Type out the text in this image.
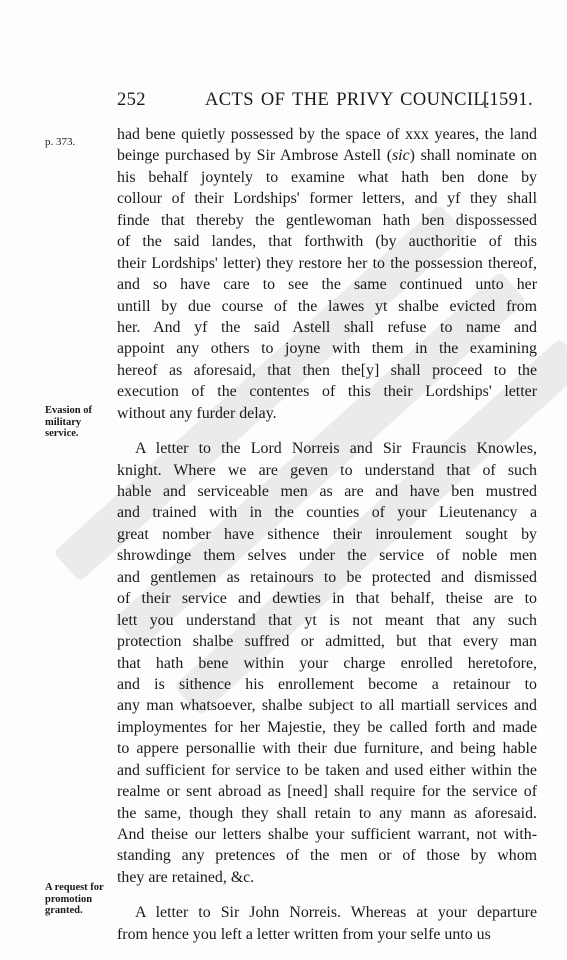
252	ACTS OF THE PRIVY COUNCIL.
[1591.
p. 373.
Evasion of
military
service.
A request for
promotion
granted.
had bene quietly possessed by the space of xxx yeares, the land
beinge purchased by Sir Ambrose Astell (sic) shall nominate on
his behalf joyntely to examine what hath ben done by
collour of their Lordships' former letters, and yf they shall
finde that thereby the gentlewoman hath ben dispossessed
of the said landes, that forthwith (by aucthoritie of this
their Lordships' letter) they restore her to the possession thereof,
and so have care to see the same continued unto her
untill by due course of the lawes yt shalbe evicted from
her. And yf the said Astell shall refuse to name and
appoint any others to joyne with them in the examining
hereof as aforesaid, that then the[y] shall proceed to the
execution of the contentes of this their Lordships' letter
without any furder delay.
A letter to the Lord Norreis and Sir Frauncis Knowles,
knight. Where we are geven to understand that of such
hable and serviceable men as are and have ben mustred
and trained with in the counties of your Lieutenancy a
great nomber have sithence their inroulement sought by
shrowdinge them selves under the service of noble men
and gentlemen as retainours to be protected and dismissed
of their service and dewties in that behalf, theise are to
lett you understand that yt is not meant that any such
protection shalbe suffred or admitted, but that every man
that hath bene within your charge enrolled heretofore,
and is sithence his enrollement become a retainour to
any man whatsoever, shalbe subject to all martiall services and
imploymentes for her Majestie, they be called forth and made
to appere personallie with their due furniture, and being hable
and sufficient for service to be taken and used either within the
realme or sent abroad as [need] shall require for the service of
the same, though they shall retain to any mann as aforesaid.
And theise our letters shalbe your sufficient warrant, not with-
standing any pretences of the men or of those by whom
they are retained, &c.
A letter to Sir John Norreis. Whereas at your departure
from hence you left a letter written from your selfe unto us
